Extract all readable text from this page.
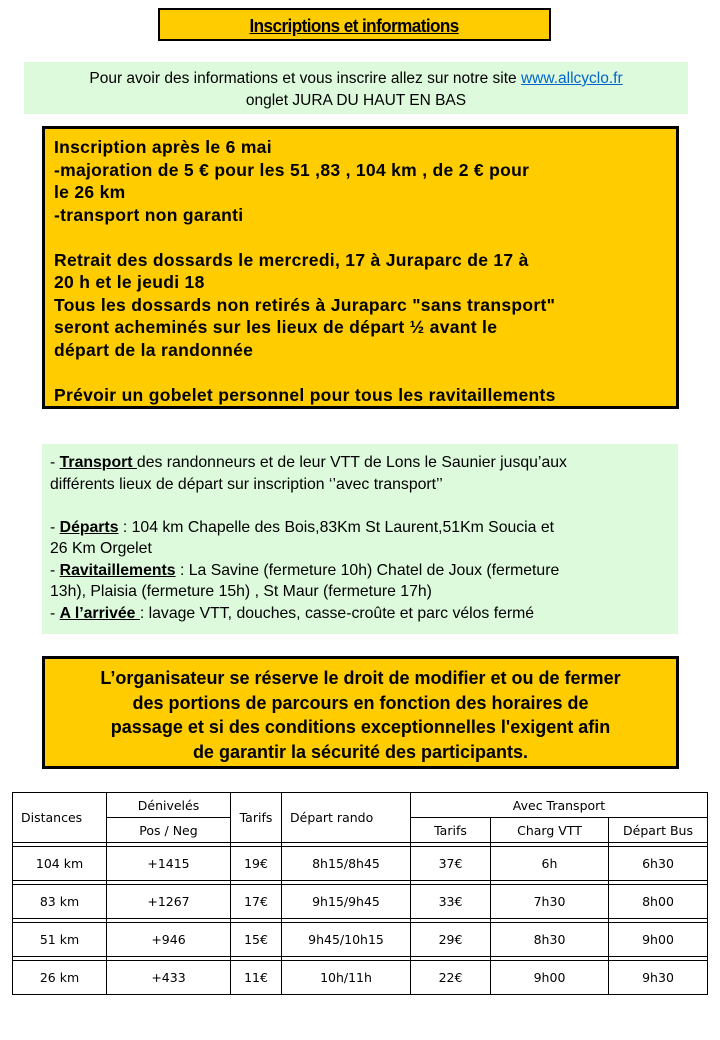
Inscriptions et informations
Pour avoir des informations et vous inscrire allez sur notre site www.allcyclo.fr
onglet JURA DU HAUT EN BAS
Inscription après le 6 mai
-majoration de 5 € pour les 51 ,83 , 104 km , de 2 € pour
le 26 km
-transport non garanti
Retrait des dossards le mercredi, 17 à Juraparc de 17 à
20 h et le jeudi 18
Tous les dossards non retirés à Juraparc "sans transport"
seront acheminés sur les lieux de départ ½ avant le
départ de la randonnée
Prévoir un gobelet personnel pour tous les ravitaillements
- Transport des randonneurs et de leur VTT de Lons le Saunier jusqu’aux
différents lieux de départ sur inscription ‘’avec transport’’
- Départs : 104 km Chapelle des Bois,83Km St Laurent,51Km Soucia et
26 Km Orgelet
- Ravitaillements : La Savine (fermeture 10h) Chatel de Joux (fermeture
13h), Plaisia (fermeture 15h) , St Maur (fermeture 17h)
- A l’arrivée : lavage VTT, douches, casse-croûte et parc vélos fermé
L’organisateur se réserve le droit de modifier et ou de fermer
des portions de parcours en fonction des horaires de
passage et si des conditions exceptionnelles l'exigent afin
de garantir la sécurité des participants.
Distances	Dénivelés	Tarifs	Départ rando	Avec Transport		
	Pos / Neg			Tarifs	Charg VTT	Départ Bus

104 km	+1415	19€	8h15/8h45	37€	6h	6h30

83 km	+1267	17€	9h15/9h45	33€	7h30	8h00

51 km	+946	15€	9h45/10h15	29€	8h30	9h00

26 km	+433	11€	10h/11h	22€	9h00	9h30
